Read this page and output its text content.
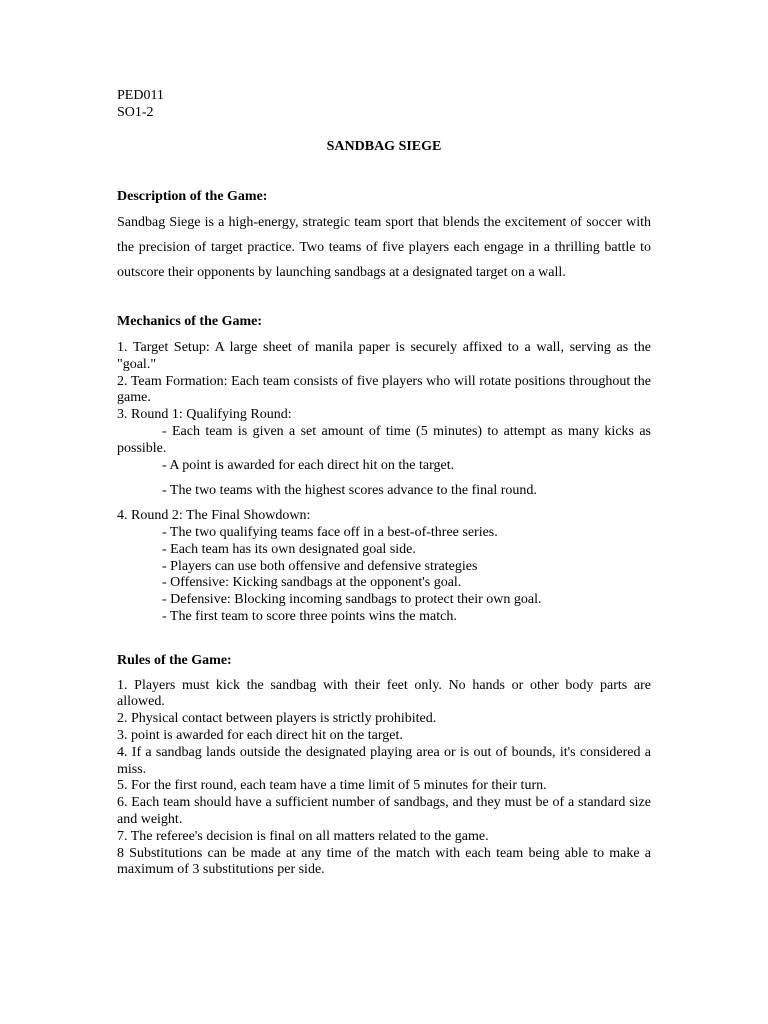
PED011
SO1-2
SANDBAG SIEGE
Description of the Game:

Sandbag Siege is a high-energy, strategic team sport that blends the excitement of soccer with the precision of target practice. Two teams of five players each engage in a thrilling battle to outscore their opponents by launching sandbags at a designated target on a wall.

Mechanics of the Game:

1. Target Setup: A large sheet of manila paper is securely affixed to a wall, serving as the "goal."

2. Team Formation: Each team consists of five players who will rotate positions throughout the game.

3. Round 1: Qualifying Round:

- Each team is given a set amount of time (5 minutes) to attempt as many kicks as possible.

- A point is awarded for each direct hit on the target.

- The two teams with the highest scores advance to the final round.

4. Round 2: The Final Showdown:

- The two qualifying teams face off in a best-of-three series.

- Each team has its own designated goal side.

- Players can use both offensive and defensive strategies

- Offensive: Kicking sandbags at the opponent's goal.

- Defensive: Blocking incoming sandbags to protect their own goal.

- The first team to score three points wins the match.

Rules of the Game:

1. Players must kick the sandbag with their feet only. No hands or other body parts are allowed.

2. Physical contact between players is strictly prohibited.

3. point is awarded for each direct hit on the target.

4. If a sandbag lands outside the designated playing area or is out of bounds, it's considered a miss.

5. For the first round, each team have a time limit of 5 minutes for their turn.

6. Each team should have a sufficient number of sandbags, and they must be of a standard size and weight.

7. The referee's decision is final on all matters related to the game.

8 Substitutions can be made at any time of the match with each team being able to make a maximum of 3 substitutions per side.
